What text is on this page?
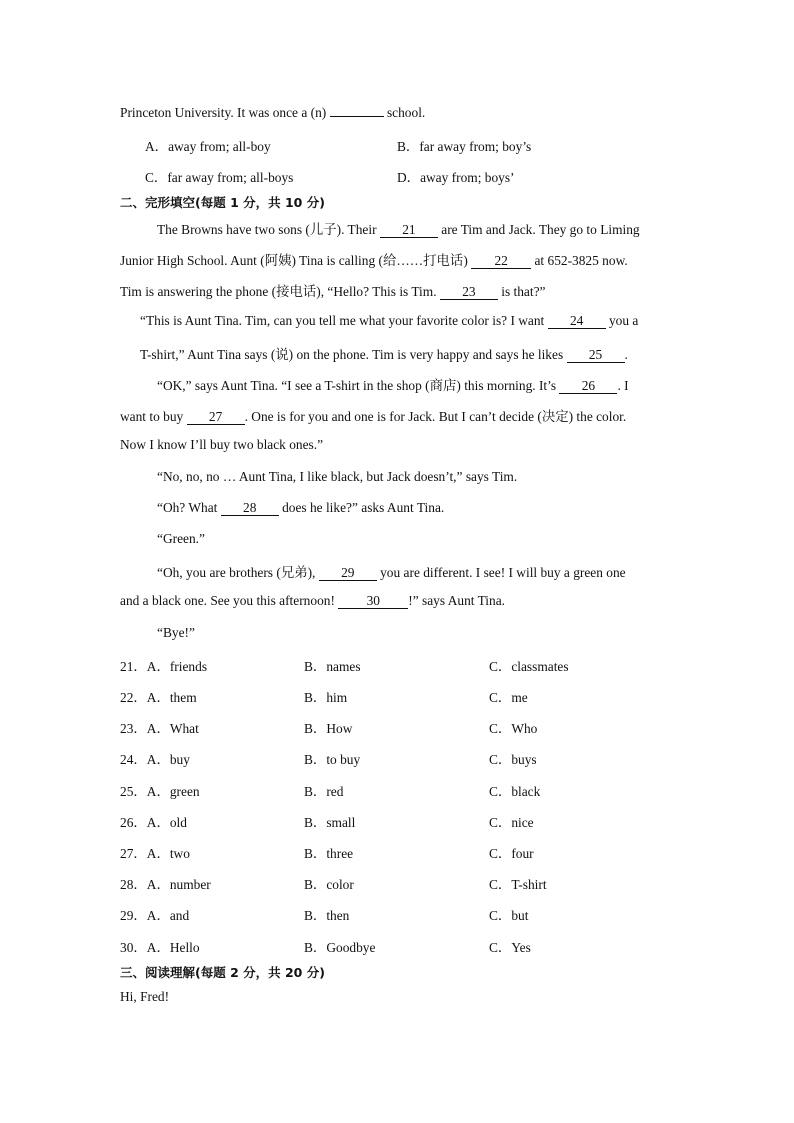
Princeton University. It was once a (n)	school.
A．away from; all-boy	B．far away from; boy’s
C．far away from; all-boys	D．away from; boys’
二、完形填空(每题 1 分，共 10 分)
The Browns have two sons (儿子). Their 21 are Tim and Jack. They go to Liming
Junior High School. Aunt (阿姨) Tina is calling (给……打电话) 22 at 652-3825 now.
Tim is answering the phone (接电话), “Hello? This is Tim. 23 is that?”
“This is Aunt Tina. Tim, can you tell me what your favorite color is? I want 24 you a
T-shirt,” Aunt Tina says (说) on the phone. Tim is very happy and says he likes 25 .
“OK,” says Aunt Tina. “I see a T-shirt in the shop (商店) this morning. It’s 26 . I
want to buy 27 . One is for you and one is for Jack. But I can’t decide (决定) the color.
Now I know I’ll buy two black ones.”
“No, no, no … Aunt Tina, I like black, but Jack doesn’t,” says Tim.
“Oh? What 28 does he like?” asks Aunt Tina.
“Green.”
“Oh, you are brothers (兄弟), 29 you are different. I see! I will buy a green one
and a black one. See you this afternoon! 30 !” says Aunt Tina.
“Bye!”
21．A．friends	B．names	C．classmates
22．A．them	B．him	C．me
23．A．What	B．How	C．Who
24．A．buy	B．to buy	C．buys
25．A．green	B．red	C．black
26．A．old	B．small	C．nice
27．A．two	B．three	C．four
28．A．number	B．color	C．T-shirt
29．A．and	B．then	C．but
30．A．Hello	B．Goodbye	C．Yes
三、阅读理解(每题 2 分，共 20 分)
Hi, Fred!
